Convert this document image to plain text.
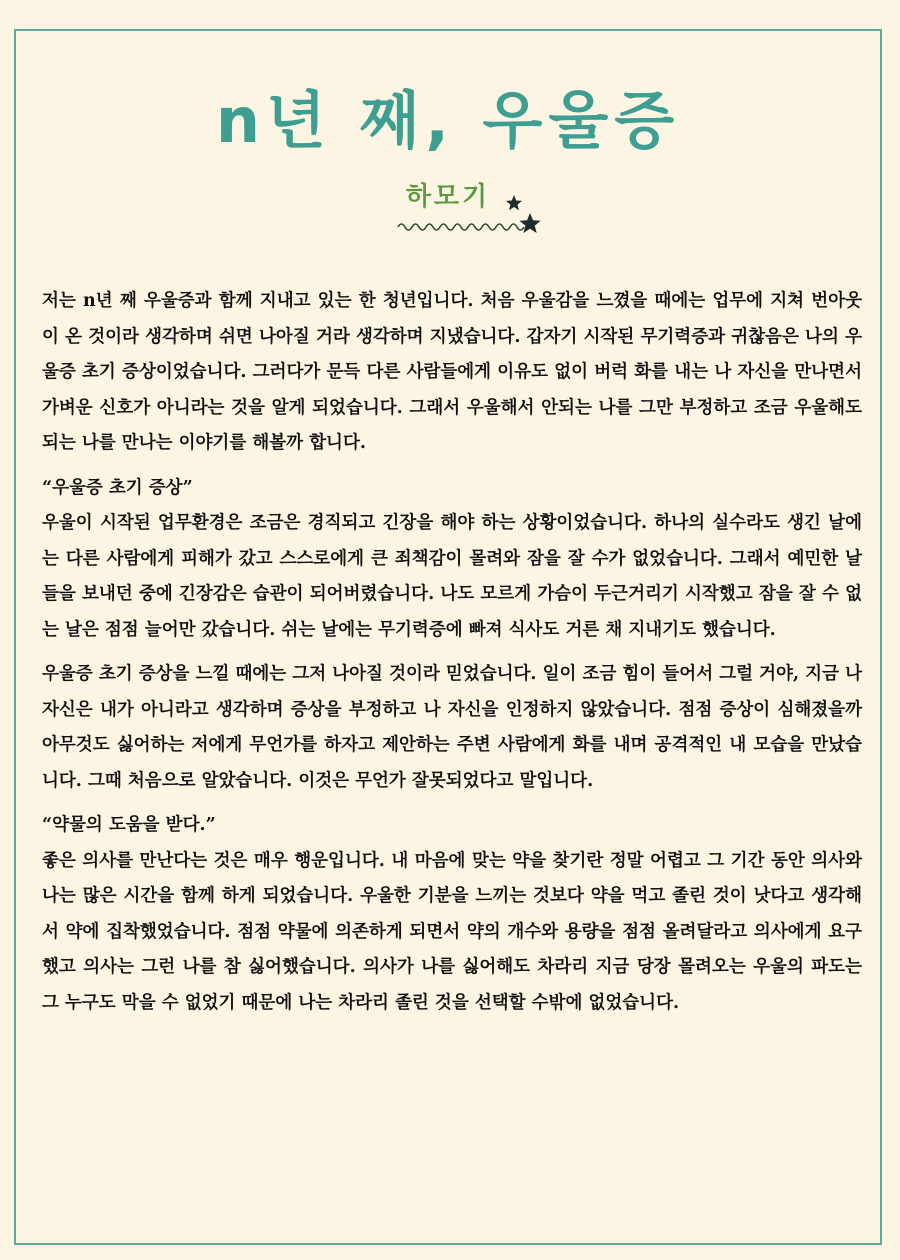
n년 째, 우울증
하모기

저는 n년 째 우울증과 함께 지내고 있는 한 청년입니다. 처음 우울감을 느꼈을 때에는 업무에 지쳐 번아웃이 온 것이라 생각하며 쉬면 나아질 거라 생각하며 지냈습니다. 갑자기 시작된 무기력증과 귀찮음은 나의 우울증 초기 증상이었습니다. 그러다가 문득 다른 사람들에게 이유도 없이 버럭 화를 내는 나 자신을 만나면서 가벼운 신호가 아니라는 것을 알게 되었습니다. 그래서 우울해서 안되는 나를 그만 부정하고 조금 우울해도 되는 나를 만나는 이야기를 해볼까 합니다.

“우울증 초기 증상”

우울이 시작된 업무환경은 조금은 경직되고 긴장을 해야 하는 상황이었습니다. 하나의 실수라도 생긴 날에는 다른 사람에게 피해가 갔고 스스로에게 큰 죄책감이 몰려와 잠을 잘 수가 없었습니다. 그래서 예민한 날들을 보내던 중에 긴장감은 습관이 되어버렸습니다. 나도 모르게 가슴이 두근거리기 시작했고 잠을 잘 수 없는 날은 점점 늘어만 갔습니다. 쉬는 날에는 무기력증에 빠져 식사도 거른 채 지내기도 했습니다.

우울증 초기 증상을 느낄 때에는 그저 나아질 것이라 믿었습니다. 일이 조금 힘이 들어서 그럴 거야, 지금 나 자신은 내가 아니라고 생각하며 증상을 부정하고 나 자신을 인정하지 않았습니다. 점점 증상이 심해졌을까 아무것도 싫어하는 저에게 무언가를 하자고 제안하는 주변 사람에게 화를 내며 공격적인 내 모습을 만났습니다. 그때 처음으로 알았습니다. 이것은 무언가 잘못되었다고 말입니다.

“약물의 도움을 받다.”

좋은 의사를 만난다는 것은 매우 행운입니다. 내 마음에 맞는 약을 찾기란 정말 어렵고 그 기간 동안 의사와 나는 많은 시간을 함께 하게 되었습니다. 우울한 기분을 느끼는 것보다 약을 먹고 졸린 것이 낫다고 생각해서 약에 집착했었습니다. 점점 약물에 의존하게 되면서 약의 개수와 용량을 점점 올려달라고 의사에게 요구했고 의사는 그런 나를 참 싫어했습니다. 의사가 나를 싫어해도 차라리 지금 당장 몰려오는 우울의 파도는 그 누구도 막을 수 없었기 때문에 나는 차라리 졸린 것을 선택할 수밖에 없었습니다.
